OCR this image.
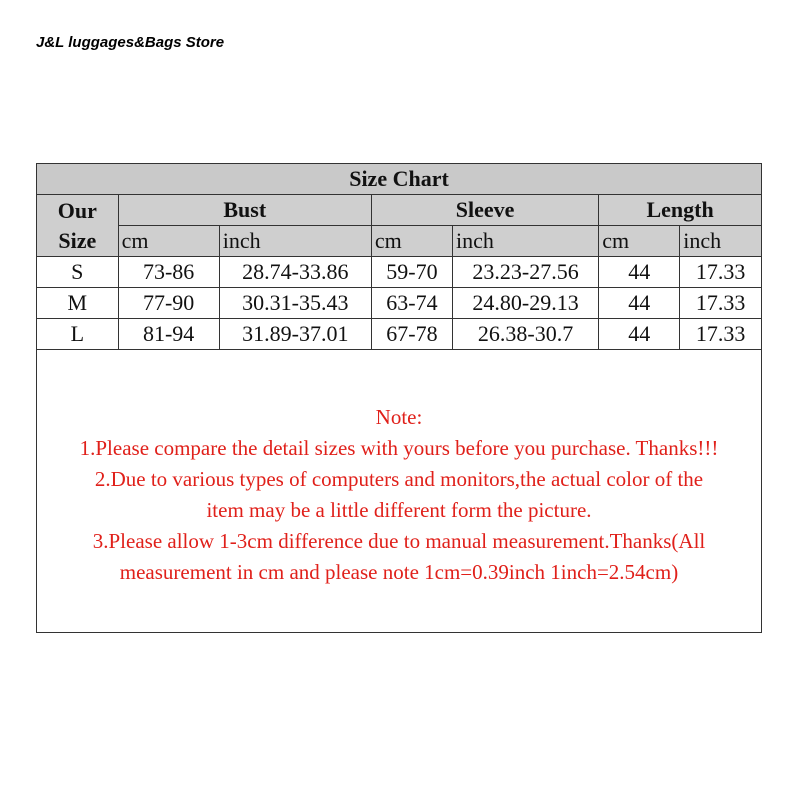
J&L luggages&Bags Store
Size Chart						
Our
Size	Bust		Sleeve		Length	
	cm	inch	cm	inch	cm	inch
S	73-86	28.74-33.86	59-70	23.23-27.56	44	17.33
M	77-90	30.31-35.43	63-74	24.80-29.13	44	17.33
L	81-94	31.89-37.01	67-78	26.38-30.7	44	17.33
Note:
1.Please compare the detail sizes with yours before you purchase. Thanks!!!
2.Due to various types of computers and monitors,the actual color of the
item may be a little different form the picture.
3.Please allow 1-3cm difference due to manual measurement.Thanks(All
measurement in cm and please note 1cm=0.39inch 1inch=2.54cm)
